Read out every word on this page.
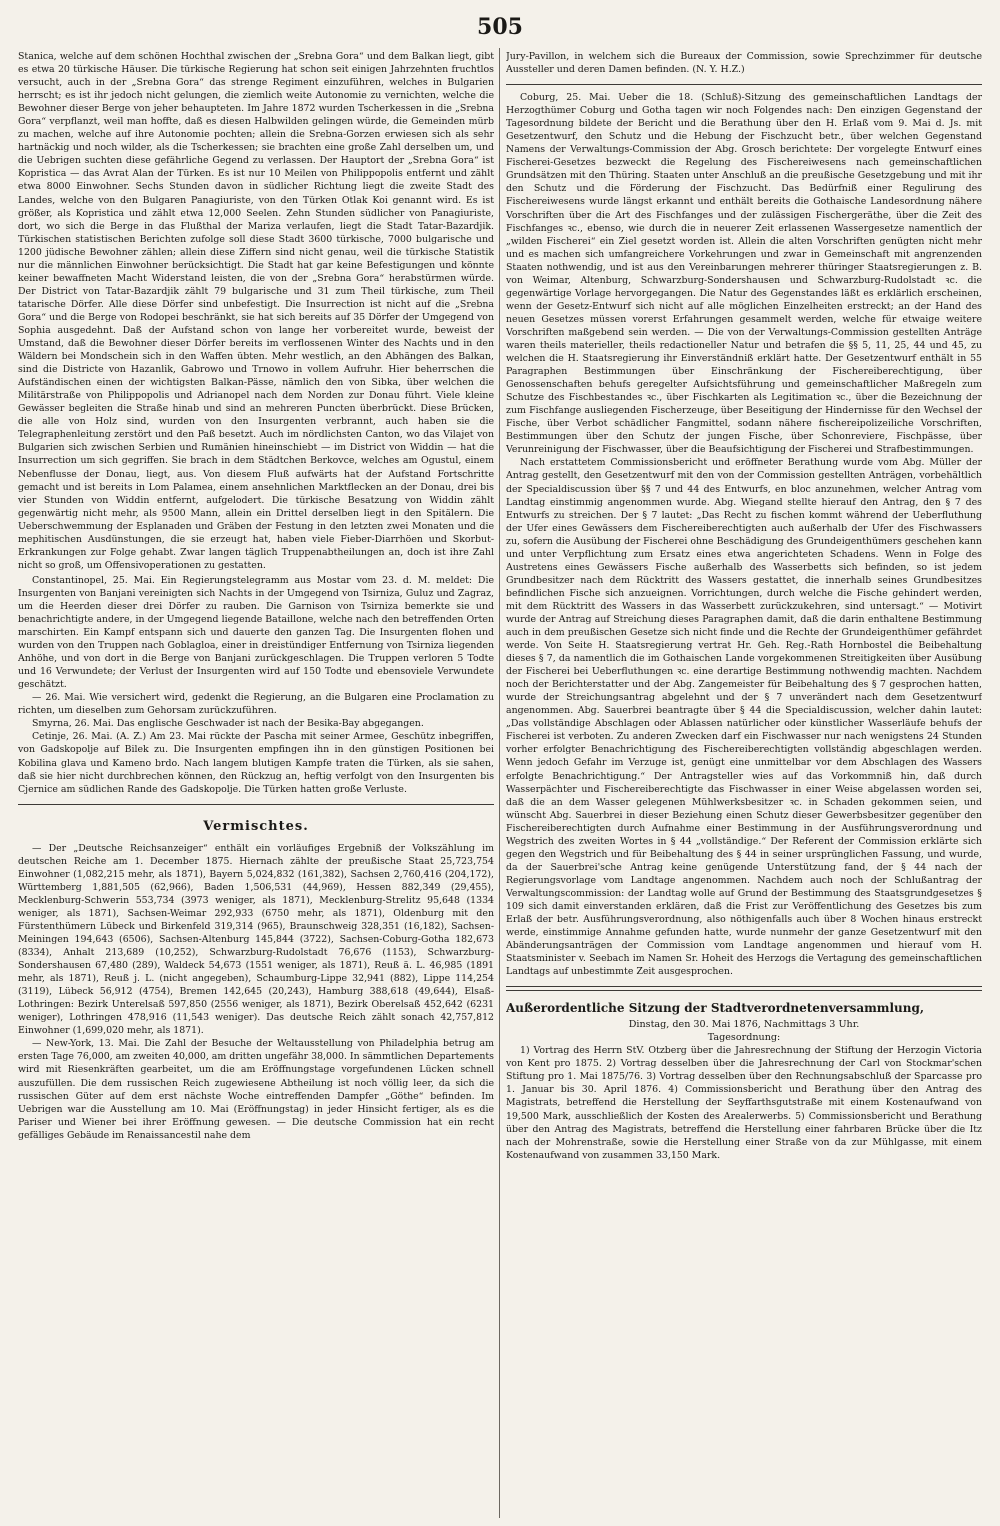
505

Stanica, welche auf dem schönen Hochthal zwischen der „Srebna Gora“ und dem Balkan liegt, gibt es etwa 20 türkische Häuser. Die türkische Regierung hat schon seit einigen Jahrzehnten fruchtlos versucht, auch in der „Srebna Gora“ das strenge Regiment einzuführen, welches in Bulgarien herrscht; es ist ihr jedoch nicht gelungen, die ziemlich weite Autonomie zu vernichten, welche die Bewohner dieser Berge von jeher behaupteten. Im Jahre 1872 wurden Tscherkessen in die „Srebna Gora“ verpflanzt, weil man hoffte, daß es diesen Halbwilden gelingen würde, die Gemeinden mürb zu machen, welche auf ihre Autonomie pochten; allein die Srebna-Gorzen erwiesen sich als sehr hartnäckig und noch wilder, als die Tscherkessen; sie brachten eine große Zahl derselben um, und die Uebrigen suchten diese gefährliche Gegend zu verlassen. Der Hauptort der „Srebna Gora“ ist Kopristica — das Avrat Alan der Türken. Es ist nur 10 Meilen von Philippopolis entfernt und zählt etwa 8000 Einwohner. Sechs Stunden davon in südlicher Richtung liegt die zweite Stadt des Landes, welche von den Bulgaren Panagiuriste, von den Türken Otlak Koi genannt wird. Es ist größer, als Kopristica und zählt etwa 12,000 Seelen. Zehn Stunden südlicher von Panagiuriste, dort, wo sich die Berge in das Flußthal der Mariza verlaufen, liegt die Stadt Tatar-Bazardjik. Türkischen statistischen Berichten zufolge soll diese Stadt 3600 türkische, 7000 bulgarische und 1200 jüdische Bewohner zählen; allein diese Ziffern sind nicht genau, weil die türkische Statistik nur die männlichen Einwohner berücksichtigt. Die Stadt hat gar keine Befestigungen und könnte keiner bewaffneten Macht Widerstand leisten, die von der „Srebna Gora“ herabstürmen würde. Der District von Tatar-Bazardjik zählt 79 bulgarische und 31 zum Theil türkische, zum Theil tatarische Dörfer. Alle diese Dörfer sind unbefestigt. Die Insurrection ist nicht auf die „Srebna Gora“ und die Berge von Rodopei beschränkt, sie hat sich bereits auf 35 Dörfer der Umgegend von Sophia ausgedehnt. Daß der Aufstand schon von lange her vorbereitet wurde, beweist der Umstand, daß die Bewohner dieser Dörfer bereits im verflossenen Winter des Nachts und in den Wäldern bei Mondschein sich in den Waffen übten. Mehr westlich, an den Abhängen des Balkan, sind die Districte von Hazanlik, Gabrowo und Trnowo in vollem Aufruhr. Hier beherrschen die Aufständischen einen der wichtigsten Balkan-Pässe, nämlich den von Sibka, über welchen die Militärstraße von Philippopolis und Adrianopel nach dem Norden zur Donau führt. Viele kleine Gewässer begleiten die Straße hinab und sind an mehreren Puncten überbrückt. Diese Brücken, die alle von Holz sind, wurden von den Insurgenten verbrannt, auch haben sie die Telegraphenleitung zerstört und den Paß besetzt. Auch im nördlichsten Canton, wo das Vilajet von Bulgarien sich zwischen Serbien und Rumänien hineinschiebt — im District von Widdin — hat die Insurrection um sich gegriffen. Sie brach in dem Städtchen Berkovce, welches am Ogustul, einem Nebenflusse der Donau, liegt, aus. Von diesem Fluß aufwärts hat der Aufstand Fortschritte gemacht und ist bereits in Lom Palamea, einem ansehnlichen Marktflecken an der Donau, drei bis vier Stunden von Widdin entfernt, aufgelodert. Die türkische Besatzung von Widdin zählt gegenwärtig nicht mehr, als 9500 Mann, allein ein Drittel derselben liegt in den Spitälern. Die Ueberschwemmung der Esplanaden und Gräben der Festung in den letzten zwei Monaten und die mephitischen Ausdünstungen, die sie erzeugt hat, haben viele Fieber-Diarrhöen und Skorbut-Erkrankungen zur Folge gehabt. Zwar langen täglich Truppenabtheilungen an, doch ist ihre Zahl nicht so groß, um Offensivoperationen zu gestatten.

Constantinopel, 25. Mai. Ein Regierungstelegramm aus Mostar vom 23. d. M. meldet: Die Insurgenten von Banjani vereinigten sich Nachts in der Umgegend von Tsirniza, Guluz und Zagraz, um die Heerden dieser drei Dörfer zu rauben. Die Garnison von Tsirniza bemerkte sie und benachrichtigte andere, in der Umgegend liegende Bataillone, welche nach den betreffenden Orten marschirten. Ein Kampf entspann sich und dauerte den ganzen Tag. Die Insurgenten flohen und wurden von den Truppen nach Goblagloa, einer in dreistündiger Entfernung von Tsirniza liegenden Anhöhe, und von dort in die Berge von Banjani zurückgeschlagen. Die Truppen verloren 5 Todte und 16 Verwundete; der Verlust der Insurgenten wird auf 150 Todte und ebensoviele Verwundete geschätzt.

— 26. Mai. Wie versichert wird, gedenkt die Regierung, an die Bulgaren eine Proclamation zu richten, um dieselben zum Gehorsam zurückzuführen.

Smyrna, 26. Mai. Das englische Geschwader ist nach der Besika-Bay abgegangen.

Cetinje, 26. Mai. (A. Z.) Am 23. Mai rückte der Pascha mit seiner Armee, Geschütz inbegriffen, von Gadskopolje auf Bilek zu. Die Insurgenten empfingen ihn in den günstigen Positionen bei Kobilina glava und Kameno brdo. Nach langem blutigen Kampfe traten die Türken, als sie sahen, daß sie hier nicht durchbrechen können, den Rückzug an, heftig verfolgt von den Insurgenten bis Cjernice am südlichen Rande des Gadskopolje. Die Türken hatten große Verluste.

Vermischtes.

— Der „Deutsche Reichsanzeiger“ enthält ein vorläufiges Ergebniß der Volkszählung im deutschen Reiche am 1. December 1875. Hiernach zählte der preußische Staat 25,723,754 Einwohner (1,082,215 mehr, als 1871), Bayern 5,024,832 (161,382), Sachsen 2,760,416 (204,172), Württemberg 1,881,505 (62,966), Baden 1,506,531 (44,969), Hessen 882,349 (29,455), Mecklenburg-Schwerin 553,734 (3973 weniger, als 1871), Mecklenburg-Strelitz 95,648 (1334 weniger, als 1871), Sachsen-Weimar 292,933 (6750 mehr, als 1871), Oldenburg mit den Fürstenthümern Lübeck und Birkenfeld 319,314 (965), Braunschweig 328,351 (16,182), Sachsen-Meiningen 194,643 (6506), Sachsen-Altenburg 145,844 (3722), Sachsen-Coburg-Gotha 182,673 (8334), Anhalt 213,689 (10,252), Schwarzburg-Rudolstadt 76,676 (1153), Schwarzburg-Sondershausen 67,480 (289), Waldeck 54,673 (1551 weniger, als 1871), Reuß ä. L. 46,985 (1891 mehr, als 1871), Reuß j. L. (nicht angegeben), Schaumburg-Lippe 32,941 (882), Lippe 114,254 (3119), Lübeck 56,912 (4754), Bremen 142,645 (20,243), Hamburg 388,618 (49,644), Elsaß-Lothringen: Bezirk Unterelsaß 597,850 (2556 weniger, als 1871), Bezirk Oberelsaß 452,642 (6231 weniger), Lothringen 478,916 (11,543 weniger). Das deutsche Reich zählt sonach 42,757,812 Einwohner (1,699,020 mehr, als 1871).

— New-York, 13. Mai. Die Zahl der Besuche der Weltausstellung von Philadelphia betrug am ersten Tage 76,000, am zweiten 40,000, am dritten ungefähr 38,000. In sämmtlichen Departements wird mit Riesenkräften gearbeitet, um die am Eröffnungstage vorgefundenen Lücken schnell auszufüllen. Die dem russischen Reich zugewiesene Abtheilung ist noch völlig leer, da sich die russischen Güter auf dem erst nächste Woche eintreffenden Dampfer „Göthe“ befinden. Im Uebrigen war die Ausstellung am 10. Mai (Eröffnungstag) in jeder Hinsicht fertiger, als es die Pariser und Wiener bei ihrer Eröffnung gewesen. — Die deutsche Commission hat ein recht gefälliges Gebäude im Renaissancestil nahe dem

Jury-Pavillon, in welchem sich die Bureaux der Commission, sowie Sprechzimmer für deutsche Aussteller und deren Damen befinden. (N. Y. H.Z.)

Coburg, 25. Mai. Ueber die 18. (Schluß)-Sitzung des gemeinschaftlichen Landtags der Herzogthümer Coburg und Gotha tagen wir noch Folgendes nach: Den einzigen Gegenstand der Tagesordnung bildete der Bericht und die Berathung über den H. Erlaß vom 9. Mai d. Js. mit Gesetzentwurf, den Schutz und die Hebung der Fischzucht betr., über welchen Gegenstand Namens der Verwaltungs-Commission der Abg. Grosch berichtete: Der vorgelegte Entwurf eines Fischerei-Gesetzes bezweckt die Regelung des Fischereiwesens nach gemeinschaftlichen Grundsätzen mit den Thüring. Staaten unter Anschluß an die preußische Gesetzgebung und mit ihr den Schutz und die Förderung der Fischzucht. Das Bedürfniß einer Regulirung des Fischereiwesens wurde längst erkannt und enthält bereits die Gothaische Landesordnung nähere Vorschriften über die Art des Fischfanges und der zulässigen Fischergeräthe, über die Zeit des Fischfanges ꝛc., ebenso, wie durch die in neuerer Zeit erlassenen Wassergesetze namentlich der „wilden Fischerei“ ein Ziel gesetzt worden ist. Allein die alten Vorschriften genügten nicht mehr und es machen sich umfangreichere Vorkehrungen und zwar in Gemeinschaft mit angrenzenden Staaten nothwendig, und ist aus den Vereinbarungen mehrerer thüringer Staatsregierungen z. B. von Weimar, Altenburg, Schwarzburg-Sondershausen und Schwarzburg-Rudolstadt ꝛc. die gegenwärtige Vorlage hervorgegangen. Die Natur des Gegenstandes läßt es erklärlich erscheinen, wenn der Gesetz-Entwurf sich nicht auf alle möglichen Einzelheiten erstreckt; an der Hand des neuen Gesetzes müssen vorerst Erfahrungen gesammelt werden, welche für etwaige weitere Vorschriften maßgebend sein werden. — Die von der Verwaltungs-Commission gestellten Anträge waren theils materieller, theils redactioneller Natur und betrafen die §§ 5, 11, 25, 44 und 45, zu welchen die H. Staatsregierung ihr Einverständniß erklärt hatte. Der Gesetzentwurf enthält in 55 Paragraphen Bestimmungen über Einschränkung der Fischereiberechtigung, über Genossenschaften behufs geregelter Aufsichtsführung und gemeinschaftlicher Maßregeln zum Schutze des Fischbestandes ꝛc., über Fischkarten als Legitimation ꝛc., über die Bezeichnung der zum Fischfange ausliegenden Fischerzeuge, über Beseitigung der Hindernisse für den Wechsel der Fische, über Verbot schädlicher Fangmittel, sodann nähere fischereipolizeiliche Vorschriften, Bestimmungen über den Schutz der jungen Fische, über Schonreviere, Fischpässe, über Verunreinigung der Fischwasser, über die Beaufsichtigung der Fischerei und Strafbestimmungen.

Nach erstattetem Commissionsbericht und eröffneter Berathung wurde vom Abg. Müller der Antrag gestellt, den Gesetzentwurf mit den von der Commission gestellten Anträgen, vorbehältlich der Specialdiscussion über §§ 7 und 44 des Entwurfs, en bloc anzunehmen, welcher Antrag vom Landtag einstimmig angenommen wurde. Abg. Wiegand stellte hierauf den Antrag, den § 7 des Entwurfs zu streichen. Der § 7 lautet: „Das Recht zu fischen kommt während der Ueberfluthung der Ufer eines Gewässers dem Fischereiberechtigten auch außerhalb der Ufer des Fischwassers zu, sofern die Ausübung der Fischerei ohne Beschädigung des Grundeigenthümers geschehen kann und unter Verpflichtung zum Ersatz eines etwa angerichteten Schadens. Wenn in Folge des Austretens eines Gewässers Fische außerhalb des Wasserbetts sich befinden, so ist jedem Grundbesitzer nach dem Rücktritt des Wassers gestattet, die innerhalb seines Grundbesitzes befindlichen Fische sich anzueignen. Vorrichtungen, durch welche die Fische gehindert werden, mit dem Rücktritt des Wassers in das Wasserbett zurückzukehren, sind untersagt.“ — Motivirt wurde der Antrag auf Streichung dieses Paragraphen damit, daß die darin enthaltene Bestimmung auch in dem preußischen Gesetze sich nicht finde und die Rechte der Grundeigenthümer gefährdet werde. Von Seite H. Staatsregierung vertrat Hr. Geh. Reg.-Rath Hornbostel die Beibehaltung dieses § 7, da namentlich die im Gothaischen Lande vorgekommenen Streitigkeiten über Ausübung der Fischerei bei Ueberfluthungen ꝛc. eine derartige Bestimmung nothwendig machten. Nachdem noch der Berichterstatter und der Abg. Zangemeister für Beibehaltung des § 7 gesprochen hatten, wurde der Streichungsantrag abgelehnt und der § 7 unverändert nach dem Gesetzentwurf angenommen. Abg. Sauerbrei beantragte über § 44 die Specialdiscussion, welcher dahin lautet: „Das vollständige Abschlagen oder Ablassen natürlicher oder künstlicher Wasserläufe behufs der Fischerei ist verboten. Zu anderen Zwecken darf ein Fischwasser nur nach wenigstens 24 Stunden vorher erfolgter Benachrichtigung des Fischereiberechtigten vollständig abgeschlagen werden. Wenn jedoch Gefahr im Verzuge ist, genügt eine unmittelbar vor dem Abschlagen des Wassers erfolgte Benachrichtigung.“ Der Antragsteller wies auf das Vorkommniß hin, daß durch Wasserpächter und Fischereiberechtigte das Fischwasser in einer Weise abgelassen worden sei, daß die an dem Wasser gelegenen Mühlwerksbesitzer ꝛc. in Schaden gekommen seien, und wünscht Abg. Sauerbrei in dieser Beziehung einen Schutz dieser Gewerbsbesitzer gegenüber den Fischereiberechtigten durch Aufnahme einer Bestimmung in der Ausführungsverordnung und Wegstrich des zweiten Wortes in § 44 „vollständige.“ Der Referent der Commission erklärte sich gegen den Wegstrich und für Beibehaltung des § 44 in seiner ursprünglichen Fassung, und wurde, da der Sauerbrei'sche Antrag keine genügende Unterstützung fand, der § 44 nach der Regierungsvorlage vom Landtage angenommen. Nachdem auch noch der Schlußantrag der Verwaltungscommission: der Landtag wolle auf Grund der Bestimmung des Staatsgrundgesetzes § 109 sich damit einverstanden erklären, daß die Frist zur Veröffentlichung des Gesetzes bis zum Erlaß der betr. Ausführungsverordnung, also nöthigenfalls auch über 8 Wochen hinaus erstreckt werde, einstimmige Annahme gefunden hatte, wurde nunmehr der ganze Gesetzentwurf mit den Abänderungsanträgen der Commission vom Landtage angenommen und hierauf vom H. Staatsminister v. Seebach im Namen Sr. Hoheit des Herzogs die Vertagung des gemeinschaftlichen Landtags auf unbestimmte Zeit ausgesprochen.

Außerordentliche Sitzung der Stadtverordnetenversammlung,

Dinstag, den 30. Mai 1876, Nachmittags 3 Uhr.

Tagesordnung:

1) Vortrag des Herrn StV. Otzberg über die Jahresrechnung der Stiftung der Herzogin Victoria von Kent pro 1875. 2) Vortrag desselben über die Jahresrechnung der Carl von Stockmar'schen Stiftung pro 1. Mai 1875/76. 3) Vortrag desselben über den Rechnungsabschluß der Sparcasse pro 1. Januar bis 30. April 1876. 4) Commissionsbericht und Berathung über den Antrag des Magistrats, betreffend die Herstellung der Seyffarthsgutstraße mit einem Kostenaufwand von 19,500 Mark, ausschließlich der Kosten des Arealerwerbs. 5) Commissionsbericht und Berathung über den Antrag des Magistrats, betreffend die Herstellung einer fahrbaren Brücke über die Itz nach der Mohrenstraße, sowie die Herstellung einer Straße von da zur Mühlgasse, mit einem Kostenaufwand von zusammen 33,150 Mark.
